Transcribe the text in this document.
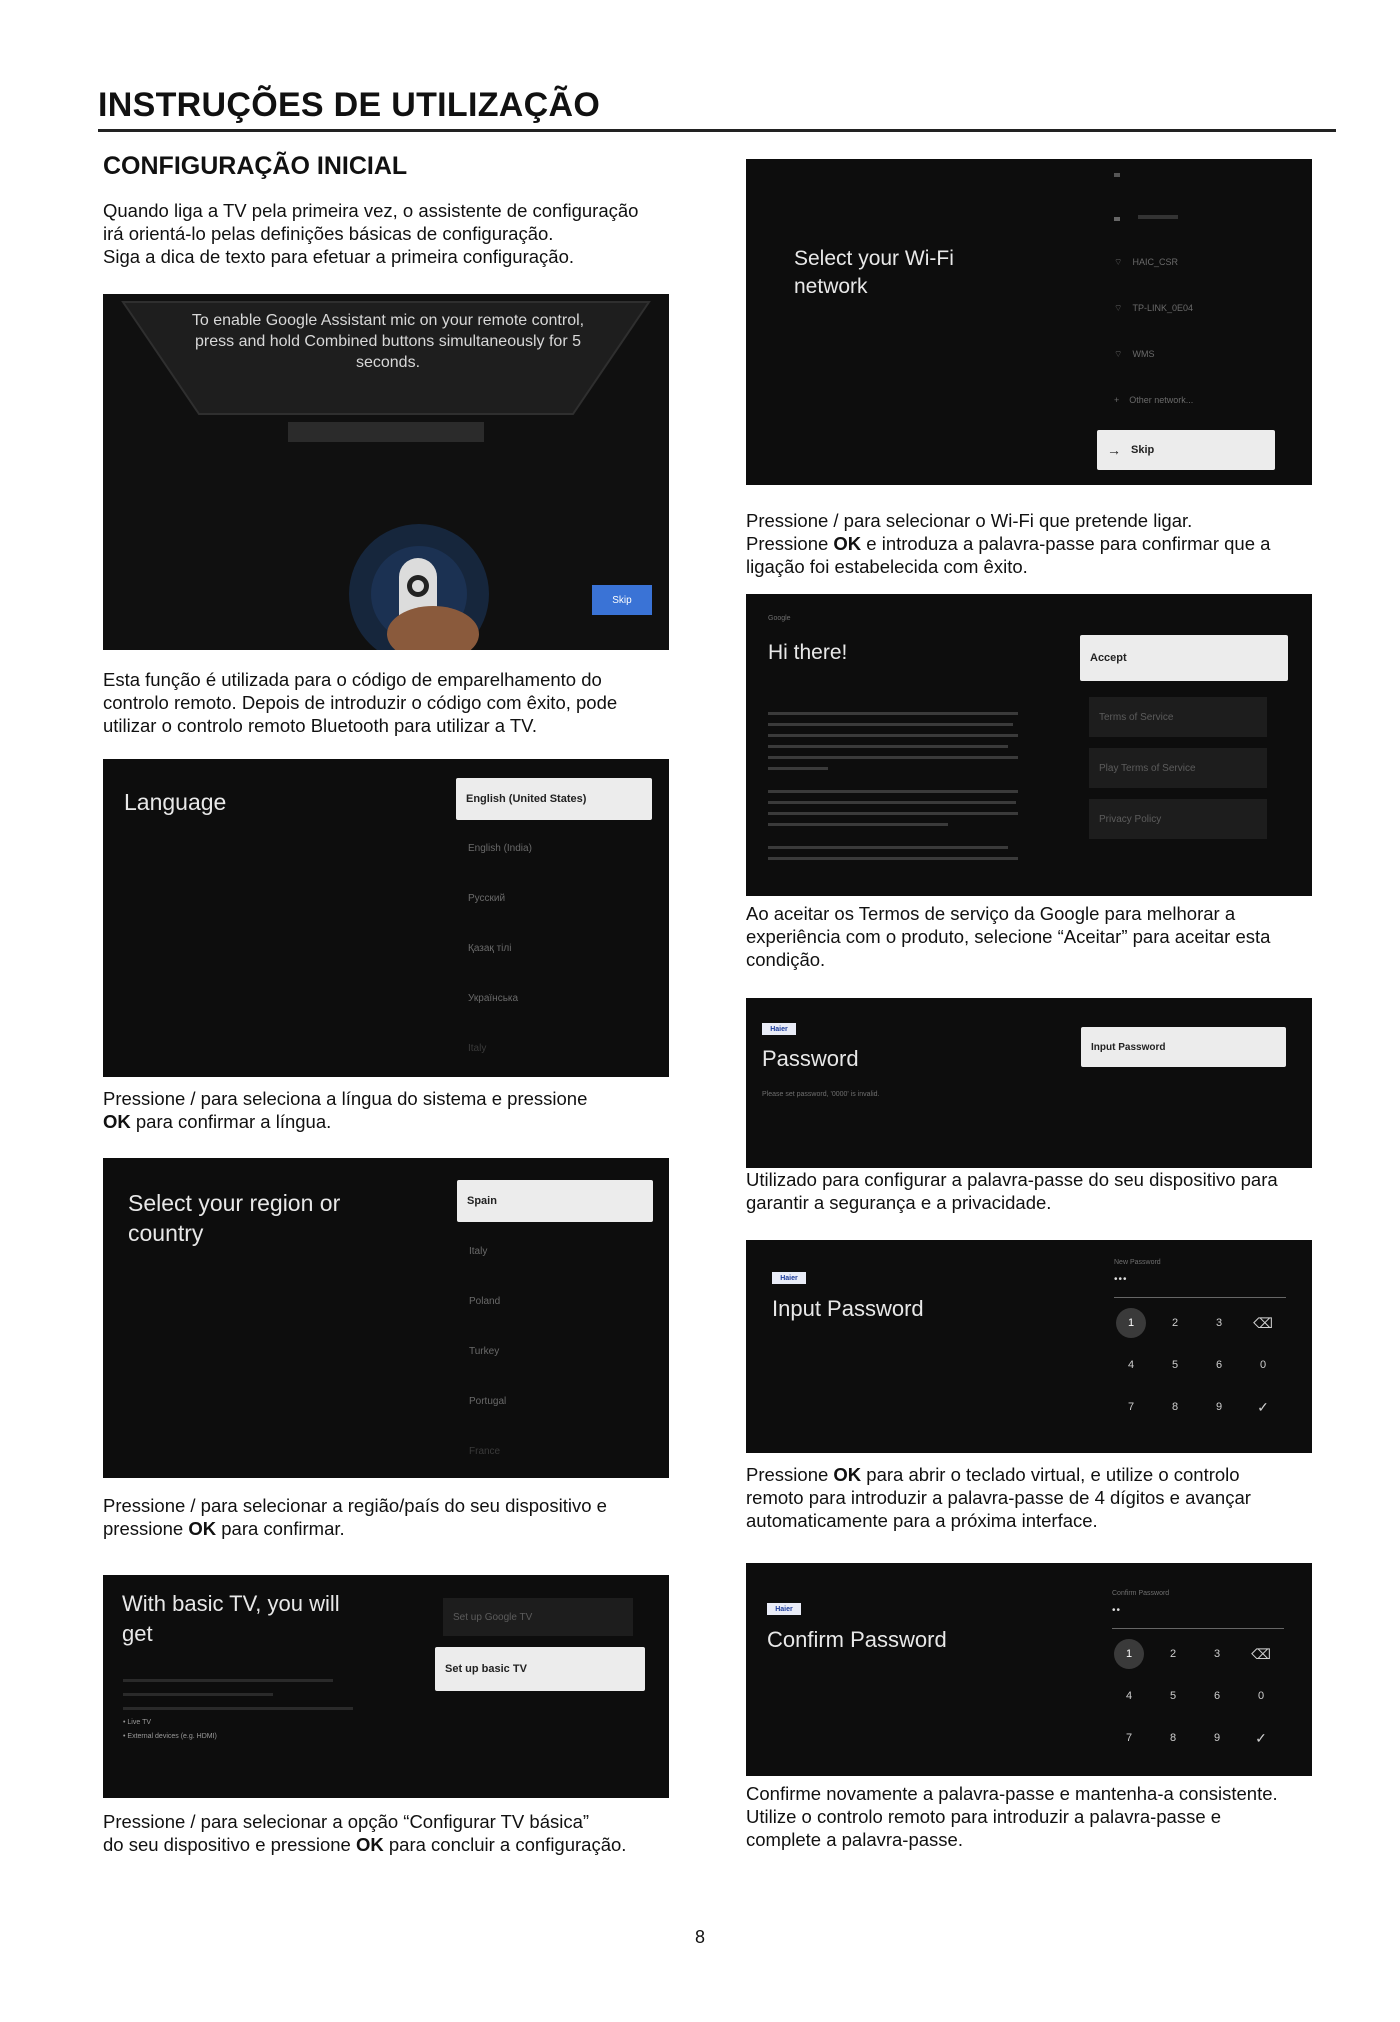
INSTRUÇÕES DE UTILIZAÇÃO
CONFIGURAÇÃO INICIAL

Quando liga a TV pela primeira vez, o assistente de configuração

irá orientá-lo pelas definições básicas de configuração.

Siga a dica de texto para efetuar a primeira configuração.

To enable Google Assistant mic on your remote control, press and hold Combined buttons simultaneously for 5 seconds.
Skip

Esta função é utilizada para o código de emparelhamento do

controlo remoto. Depois de introduzir o código com êxito, pode

utilizar o controlo remoto Bluetooth para utilizar a TV.

Language	English (United States)
English (India)
Русский
Қазақ тілі
Українська
Italy

Pressione / para seleciona a língua do sistema e pressione

OK para confirmar a língua.

Select your region or
country
Spain
Italy
Poland
Turkey
Portugal
France

Pressione / para selecionar a região/país do seu dispositivo e

pressione OK para confirmar.

With basic TV, you will
get
Set up Google TV
Set up basic TV
• Live TV
• External devices (e.g. HDMI)

Pressione / para selecionar a opção “Configurar TV básica”

do seu dispositivo e pressione OK para concluir a configuração.

Select your Wi-Fi
network
⌔    HAIC_CSR
⌔    TP-LINK_0E04
⌔    WMS
+    Other network...
→ Skip

Pressione / para selecionar o Wi-Fi que pretende ligar.

Pressione OK e introduza a palavra-passe para confirmar que a

ligação foi estabelecida com êxito.

Google
Hi there!	Accept
Terms of Service
Play Terms of Service
Privacy Policy

Ao aceitar os Termos de serviço da Google para melhorar a

experiência com o produto, selecione “Aceitar” para aceitar esta

condição.

Haier
Password
Please set password, '0000' is invalid.
Input Password

Utilizado para configurar a palavra-passe do seu dispositivo para

garantir a segurança e a privacidade.

Haier
Input Password
New Password
•••
1	2	3	⌫
4	5	6	0
7	8	9	✓

Pressione OK para abrir o teclado virtual, e utilize o controlo

remoto para introduzir a palavra-passe de 4 dígitos e avançar

automaticamente para a próxima interface.

Haier
Confirm Password
Confirm Password
••
1	2	3	⌫
4	5	6	0
7	8	9	✓

Confirme novamente a palavra-passe e mantenha-a consistente.

Utilize o controlo remoto para introduzir a palavra-passe e

complete a palavra-passe.

8
